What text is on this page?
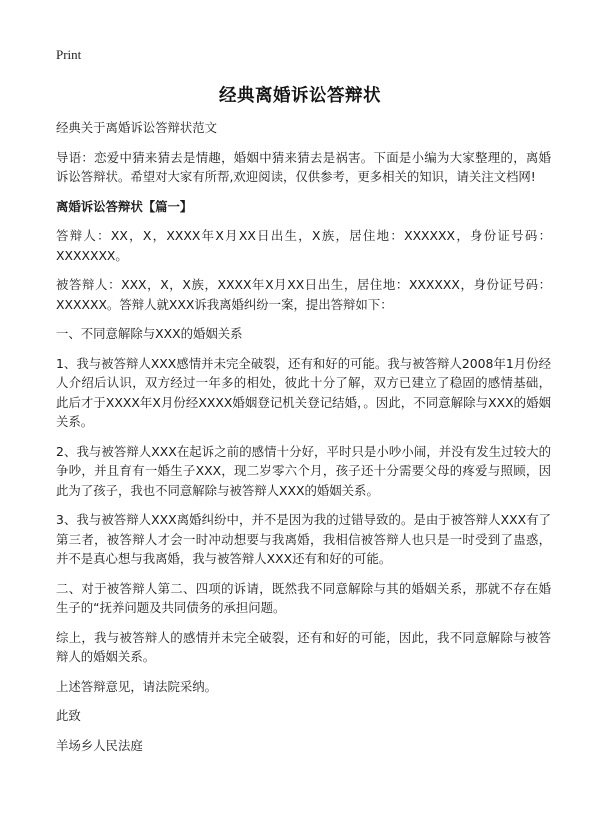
Print
经典离婚诉讼答辩状

经典关于离婚诉讼答辩状范文

导语：恋爱中猜来猜去是情趣，婚姻中猜来猜去是祸害。下面是小编为大家整理的，离婚诉讼答辩状。希望对大家有所帮,欢迎阅读，仅供参考，更多相关的知识，请关注文档网!

离婚诉讼答辩状【篇一】

答辩人：XX，X，XXXX年X月XX日出生，X族，居住地：XXXXXX，身份证号码：XXXXXXX。

被答辩人：XXX，X，X族，XXXX年X月XX日出生，居住地：XXXXXX，身份证号码：XXXXXX。答辩人就XXX诉我离婚纠纷一案，提出答辩如下：

一、不同意解除与XXX的婚姻关系

1、我与被答辩人XXX感情并未完全破裂，还有和好的可能。我与被答辩人2008年1月份经人介绍后认识，双方经过一年多的相处，彼此十分了解，双方已建立了稳固的感情基础，此后才于XXXX年X月份经XXXX婚姻登记机关登记结婚，。因此，不同意解除与XXX的婚姻关系。

2、我与被答辩人XXX在起诉之前的感情十分好，平时只是小吵小闹，并没有发生过较大的争吵，并且育有一婚生子XXX，现二岁零六个月，孩子还十分需要父母的疼爱与照顾，因此为了孩子，我也不同意解除与被答辩人XXX的婚姻关系。

3、我与被答辩人XXX离婚纠纷中，并不是因为我的过错导致的。是由于被答辩人XXX有了第三者，被答辩人才会一时冲动想要与我离婚，我相信被答辩人也只是一时受到了蛊惑，并不是真心想与我离婚，我与被答辩人XXX还有和好的可能。

二、对于被答辩人第二、四项的诉请，既然我不同意解除与其的婚姻关系，那就不存在婚生子的“抚养问题及共同债务的承担问题。

综上，我与被答辩人的感情并未完全破裂，还有和好的可能，因此，我不同意解除与被答辩人的婚姻关系。

上述答辩意见，请法院采纳。

此致

羊场乡人民法庭
